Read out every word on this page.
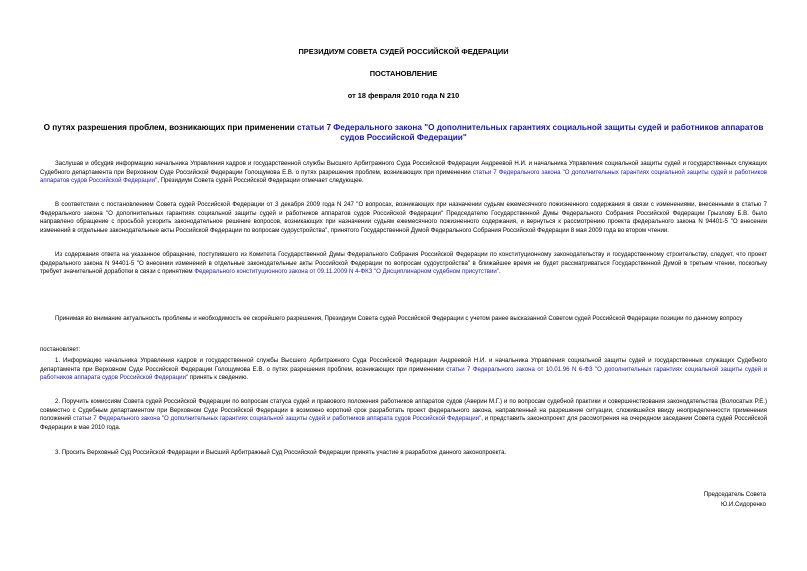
ПРЕЗИДИУМ СОВЕТА СУДЕЙ РОССИЙСКОЙ ФЕДЕРАЦИИ
ПОСТАНОВЛЕНИЕ
от 18 февраля 2010 года N 210
О путях разрешения проблем, возникающих при применении статьи 7 Федерального закона "О дополнительных гарантиях социальной защиты судей и работников аппаратов судов Российской Федерации"
Заслушав и обсудив информацию начальника Управления кадров и государственной службы Высшего Арбитражного Суда Российской Федерации Андреевой Н.И. и начальника Управления социальной защиты судей и государственных служащих Судебного департамента при Верховном Суде Российской Федерации Голощумова Е.В. о путях разрешения проблем, возникающих при применении статьи 7 Федерального закона "О дополнительных гарантиях социальной защиты судей и работников аппаратов судов Российской Федерации", Президиум Совета судей Российской Федерации отмечает следующее.
В соответствии с постановлением Совета судей Российской Федерации от 3 декабря 2009 года N 247 "О вопросах, возникающих при назначении судьям ежемесячного пожизненного содержания в связи с изменениями, внесенными в статью 7 Федерального закона "О дополнительных гарантиях социальной защиты судей и работников аппаратов судов Российской Федерации" Председателю Государственной Думы Федерального Собрания Российской Федерации Грызлову Б.В. было направлено обращение с просьбой ускорить законодательное решение вопросов, возникающих при назначении судьям ежемесячного пожизненного содержания, и вернуться к рассмотрению проекта федерального закона N 94401-5 "О внесении изменений в отдельные законодательные акты Российской Федерации по вопросам судоустройства", принятого Государственной Думой Федерального Собрания Российской Федерации 8 мая 2009 года во втором чтении.
Из содержания ответа на указанное обращение, поступившего из Комитета Государственной Думы Федерального Собрания Российской Федерации по конституционному законодательству и государственному строительству, следует, что проект федерального закона N 94401-5 "О внесении изменений в отдельные законодательные акты Российской Федерации по вопросам судоустройства" в ближайшее время не будет рассматриваться Государственной Думой в третьем чтении, поскольку требует значительной доработки в связи с принятием Федерального конституционного закона от 09.11.2009 N 4-ФКЗ "О Дисциплинарном судебном присутствии".
Принимая во внимание актуальность проблемы и необходимость ее скорейшего разрешения, Президиум Совета судей Российской Федерации с учетом ранее высказанной Советом судей Российской Федерации позиции по данному вопросу
постановляет:
1. Информацию начальника Управления кадров и государственной службы Высшего Арбитражного Суда Российской Федерации Андреевой Н.И. и начальника Управления социальной защиты судей и государственных служащих Судебного департамента при Верховном Суде Российской Федерации Голощумова Е.В. о путях разрешения проблем, возникающих при применении статьи 7 Федерального закона от 10.01.96 N 6-ФЗ "О дополнительных гарантиях социальной защиты судей и работников аппарата судов Российской Федерации" принять к сведению.
2. Поручить комиссиям Совета судей Российской Федерации по вопросам статуса судей и правового положения работников аппаратов судов (Аверин М.Г.) и по вопросам судебной практики и совершенствования законодательства (Волосатых Р.Е.) совместно с Судебным департаментом при Верховном Суде Российской Федерации в возможно короткий срок разработать проект федерального закона, направленный на разрешение ситуации, сложившейся ввиду неопределенности применения положений статьи 7 Федерального закона "О дополнительных гарантиях социальной защиты судей и работников аппарата судов Российской Федерации", и представить законопроект для рассмотрения на очередном заседании Совета судей Российской Федерации в мае 2010 года.
3. Просить Верховный Суд Российской Федерации и Высший Арбитражный Суд Российской Федерации принять участие в разработке данного законопроекта.
Председатель Совета
Ю.И.Сидоренко
